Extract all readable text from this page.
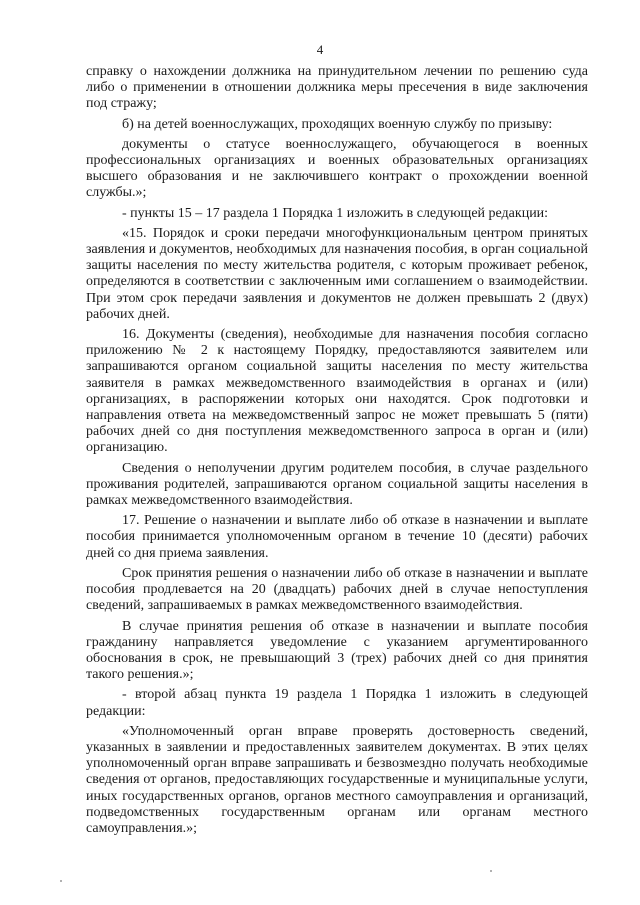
4

справку о нахождении должника на принудительном лечении по решению суда либо о применении в отношении должника меры пресечения в виде заключения под стражу;

б) на детей военнослужащих, проходящих военную службу по призыву:

документы о статусе военнослужащего, обучающегося в военных профессиональных организациях и военных образовательных организациях высшего образования и не заключившего контракт о прохождении военной службы.»;

- пункты 15 – 17 раздела 1 Порядка 1 изложить в следующей редакции:

«15. Порядок и сроки передачи многофункциональным центром принятых заявления и документов, необходимых для назначения пособия, в орган социальной защиты населения по месту жительства родителя, с которым проживает ребенок, определяются в соответствии с заключенным ими соглашением о взаимодействии. При этом срок передачи заявления и документов не должен превышать 2 (двух) рабочих дней.

16. Документы (сведения), необходимые для назначения пособия согласно приложению № 2 к настоящему Порядку, предоставляются заявителем или запрашиваются органом социальной защиты населения по месту жительства заявителя в рамках межведомственного взаимодействия в органах и (или) организациях, в распоряжении которых они находятся. Срок подготовки и направления ответа на межведомственный запрос не может превышать 5 (пяти) рабочих дней со дня поступления межведомственного запроса в орган и (или) организацию.

Сведения о неполучении другим родителем пособия, в случае раздельного проживания родителей, запрашиваются органом социальной защиты населения в рамках межведомственного взаимодействия.

17. Решение о назначении и выплате либо об отказе в назначении и выплате пособия принимается уполномоченным органом в течение 10 (десяти) рабочих дней со дня приема заявления.

Срок принятия решения о назначении либо об отказе в назначении и выплате пособия продлевается на 20 (двадцать) рабочих дней в случае непоступления сведений, запрашиваемых в рамках межведомственного взаимодействия.

В случае принятия решения об отказе в назначении и выплате пособия гражданину направляется уведомление с указанием аргументированного обоснования в срок, не превышающий 3 (трех) рабочих дней со дня принятия такого решения.»;

- второй абзац пункта 19 раздела 1 Порядка 1 изложить в следующей редакции:

«Уполномоченный орган вправе проверять достоверность сведений, указанных в заявлении и предоставленных заявителем документах. В этих целях уполномоченный орган вправе запрашивать и безвозмездно получать необходимые сведения от органов, предоставляющих государственные и муниципальные услуги, иных государственных органов, органов местного самоуправления и организаций, подведомственных государственным органам или органам местного самоуправления.»;
